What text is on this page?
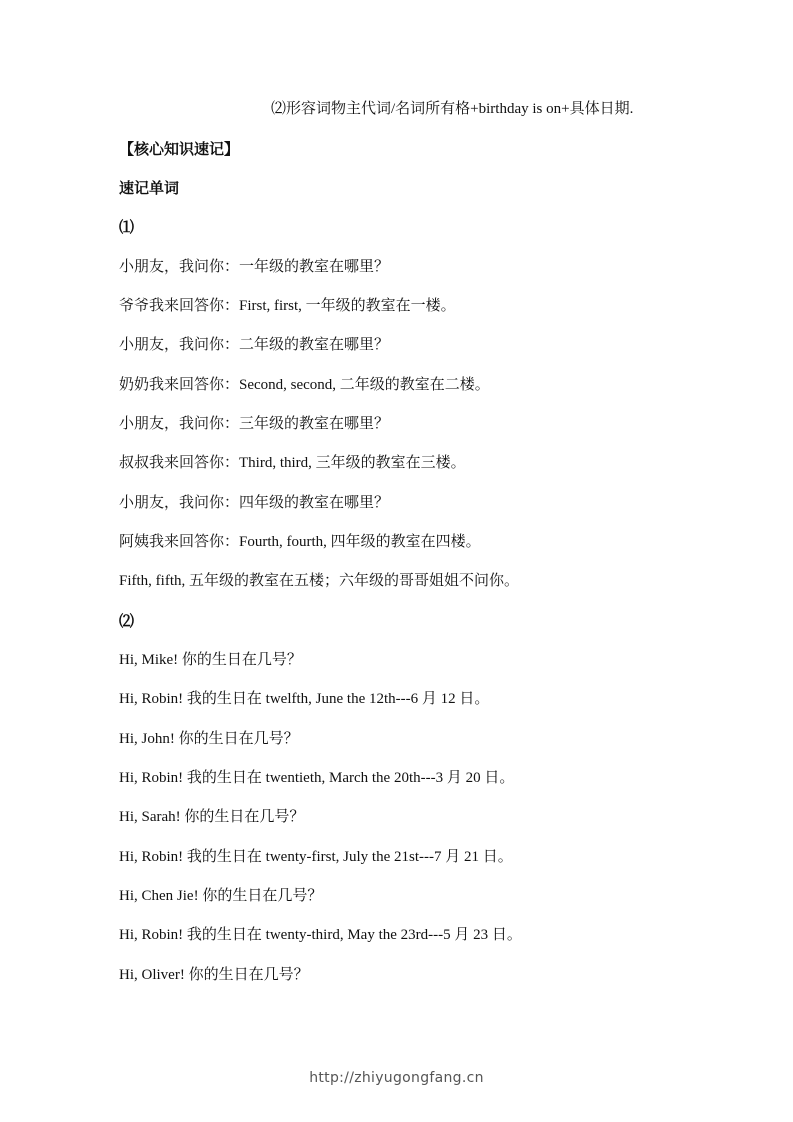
⑵形容词物主代词/名词所有格+birthday is on+具体日期.
【核心知识速记】
速记单词
⑴
小朋友，我问你：一年级的教室在哪里？
爷爷我来回答你：First, first, 一年级的教室在一楼。
小朋友，我问你：二年级的教室在哪里？
奶奶我来回答你：Second, second, 二年级的教室在二楼。
小朋友，我问你：三年级的教室在哪里？
叔叔我来回答你：Third, third, 三年级的教室在三楼。
小朋友，我问你：四年级的教室在哪里？
阿姨我来回答你：Fourth, fourth, 四年级的教室在四楼。
Fifth, fifth, 五年级的教室在五楼；六年级的哥哥姐姐不问你。
⑵
Hi, Mike! 你的生日在几号？
Hi, Robin! 我的生日在 twelfth, June the 12th---6 月 12 日。
Hi, John! 你的生日在几号？
Hi, Robin! 我的生日在 twentieth, March the 20th---3 月 20 日。
Hi, Sarah! 你的生日在几号？
Hi, Robin! 我的生日在 twenty-first, July the 21st---7 月 21 日。
Hi, Chen Jie! 你的生日在几号？
Hi, Robin! 我的生日在 twenty-third, May the 23rd---5 月 23 日。
Hi, Oliver! 你的生日在几号？
http://zhiyugongfang.cn
